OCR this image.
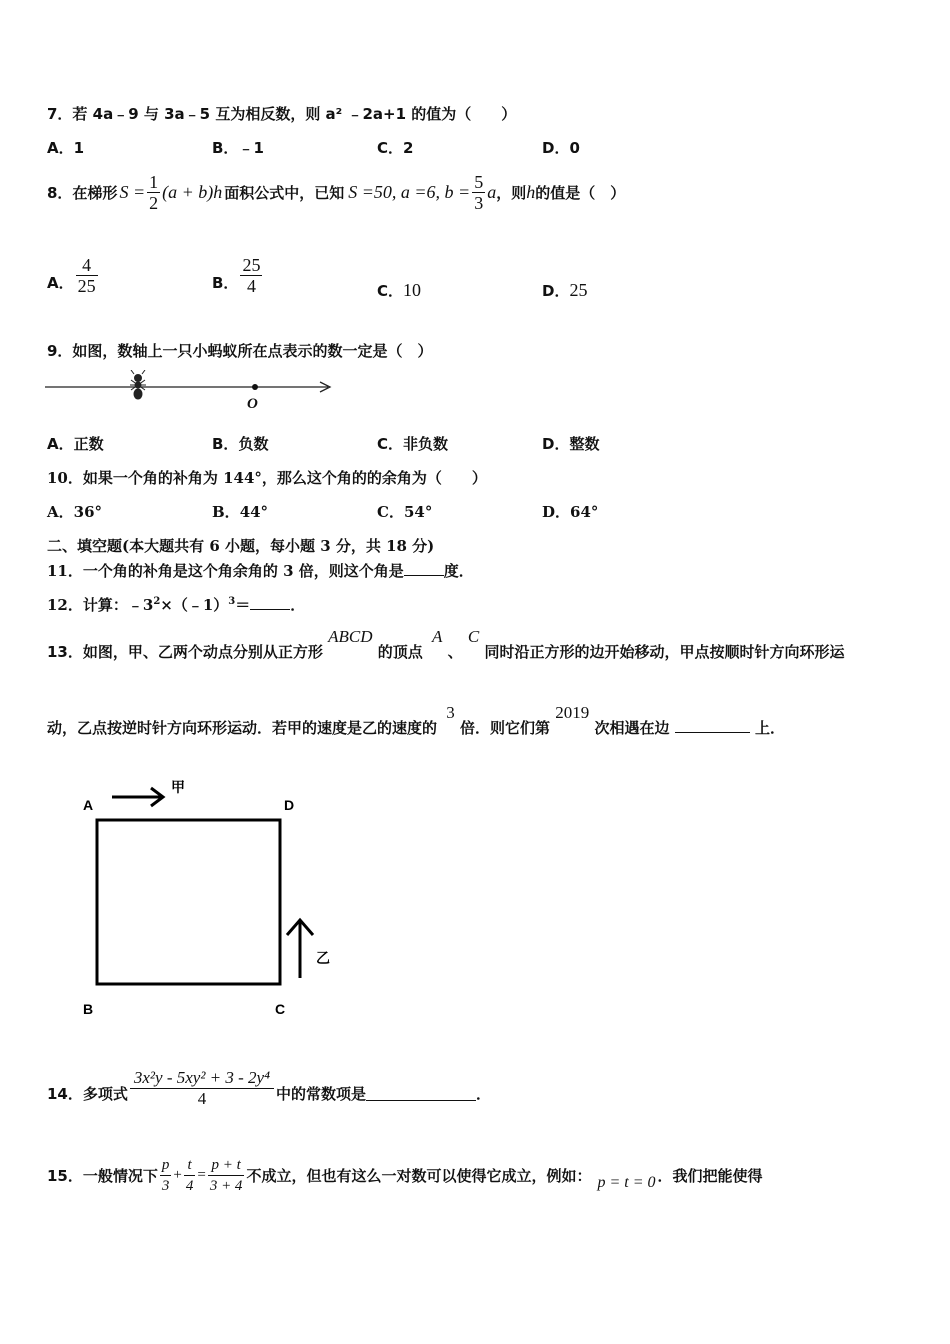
7．若 4a﹣9 与 3a﹣5 互为相反数，则 a² ﹣2a+1 的值为（　　）
A．1	B．﹣1	C．2	D．0
8．在梯形 $S = \frac{1}{2} (a + b)h$ 面积公式中，已知 S =50, a =6, $b = \frac{5}{3}$ a ，则 h 的值是（　）
A． $\frac{4}{25}$	B． $\frac{25}{4}$	C．10	D．25
9．如图，数轴上一只小蚂蚁所在点表示的数一定是（　）
O
A．正数	B．负数	C．非负数	D．整数
10．如果一个角的补角为 144°，那么这个角的的余角为（　　）
A．36°	B．44°	C．54°	D．64°
二、填空题(本大题共有 6 小题，每小题 3 分，共 18 分)
11．一个角的补角是这个角余角的 3 倍，则这个角是	度．
12．计算：$﹣3^2\times(﹣1)^3=$	．
13．如图，甲、乙两个动点分别从正方形 ABCD 的顶点 A 、 C 同时沿正方形的边开始移动，甲点按顺时针方向环形运
动，乙点按逆时针方向环形运动．若甲的速度是乙的速度的 3 倍．则它们第 2019 次相遇在边	上．
A	D
B	C
甲
乙
14．多项式 $\frac{\text{3x²y - 5xy² + 3 - 2y⁴}}{4}$ 中的常数项是	．
15．一般情况下 $\frac{p}{3} + \frac{t}{4} = \frac{p + t}{3 + 4}$ 不成立，但也有这么一对数可以使得它成立，例如： p = t = 0 ．我们把能使得
